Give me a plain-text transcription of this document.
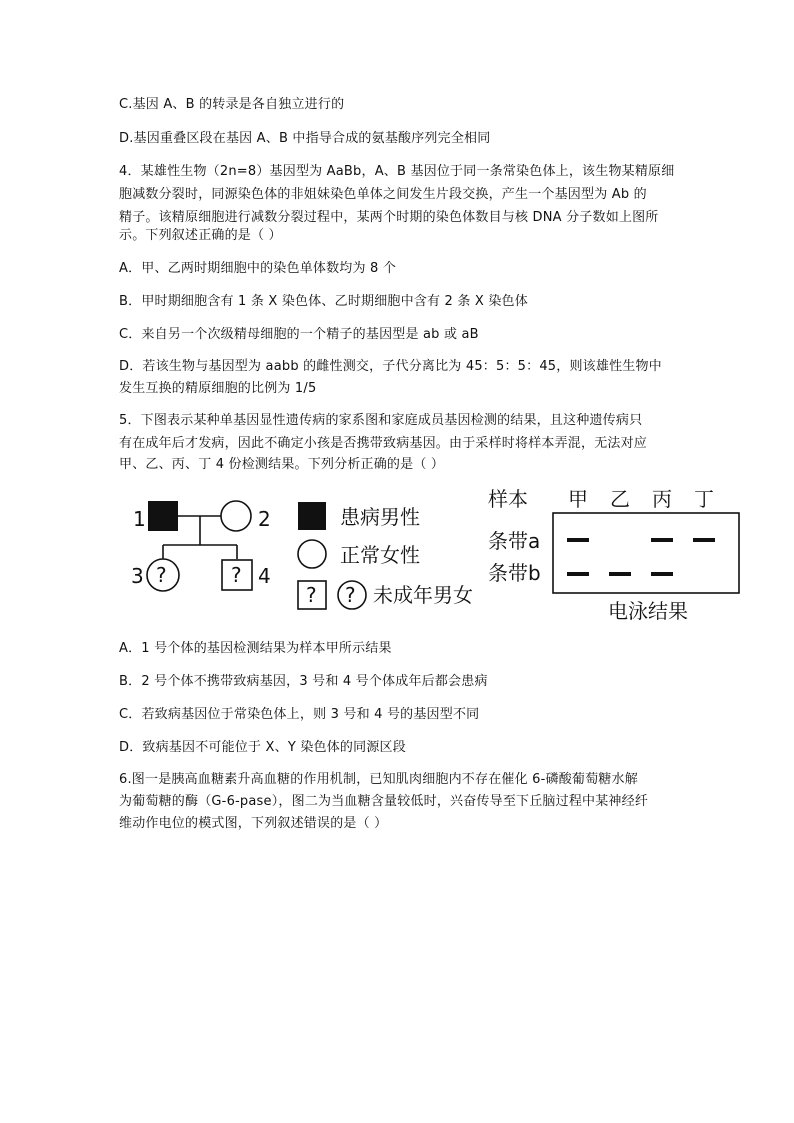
C.基因 A、B 的转录是各自独立进行的
D.基因重叠区段在基因 A、B 中指导合成的氨基酸序列完全相同
4．某雄性生物（2n=8）基因型为 AaBb，A、B 基因位于同一条常染色体上，该生物某精原细
胞减数分裂时，同源染色体的非姐妹染色单体之间发生片段交换，产生一个基因型为 Ab 的
精子。该精原细胞进行减数分裂过程中，某两个时期的染色体数目与核 DNA 分子数如上图所
示。下列叙述正确的是（ ）
A．甲、乙两时期细胞中的染色单体数均为 8 个
B．甲时期细胞含有 1 条 X 染色体、乙时期细胞中含有 2 条 X 染色体
C．来自另一个次级精母细胞的一个精子的基因型是 ab 或 aB
D．若该生物与基因型为 aabb 的雌性测交，子代分离比为 45：5：5：45，则该雄性生物中
发生互换的精原细胞的比例为 1/5
5．下图表示某种单基因显性遗传病的家系图和家庭成员基因检测的结果，且这种遗传病只
有在成年后才发病，因此不确定小孩是否携带致病基因。由于采样时将样本弄混，无法对应
甲、乙、丙、丁 4 份检测结果。下列分析正确的是（ ）
1	2
3 ?	? 4
患病男性
正常女性
? ? 未成年男女
样本 甲 乙 丙 丁
条带a
条带b
电泳结果
A．1 号个体的基因检测结果为样本甲所示结果
B．2 号个体不携带致病基因，3 号和 4 号个体成年后都会患病
C．若致病基因位于常染色体上，则 3 号和 4 号的基因型不同
D．致病基因不可能位于 X、Y 染色体的同源区段
6.图一是胰高血糖素升高血糖的作用机制，已知肌肉细胞内不存在催化 6-磷酸葡萄糖水解
为葡萄糖的酶（G-6-pase），图二为当血糖含量较低时，兴奋传导至下丘脑过程中某神经纤
维动作电位的模式图，下列叙述错误的是（ ）
